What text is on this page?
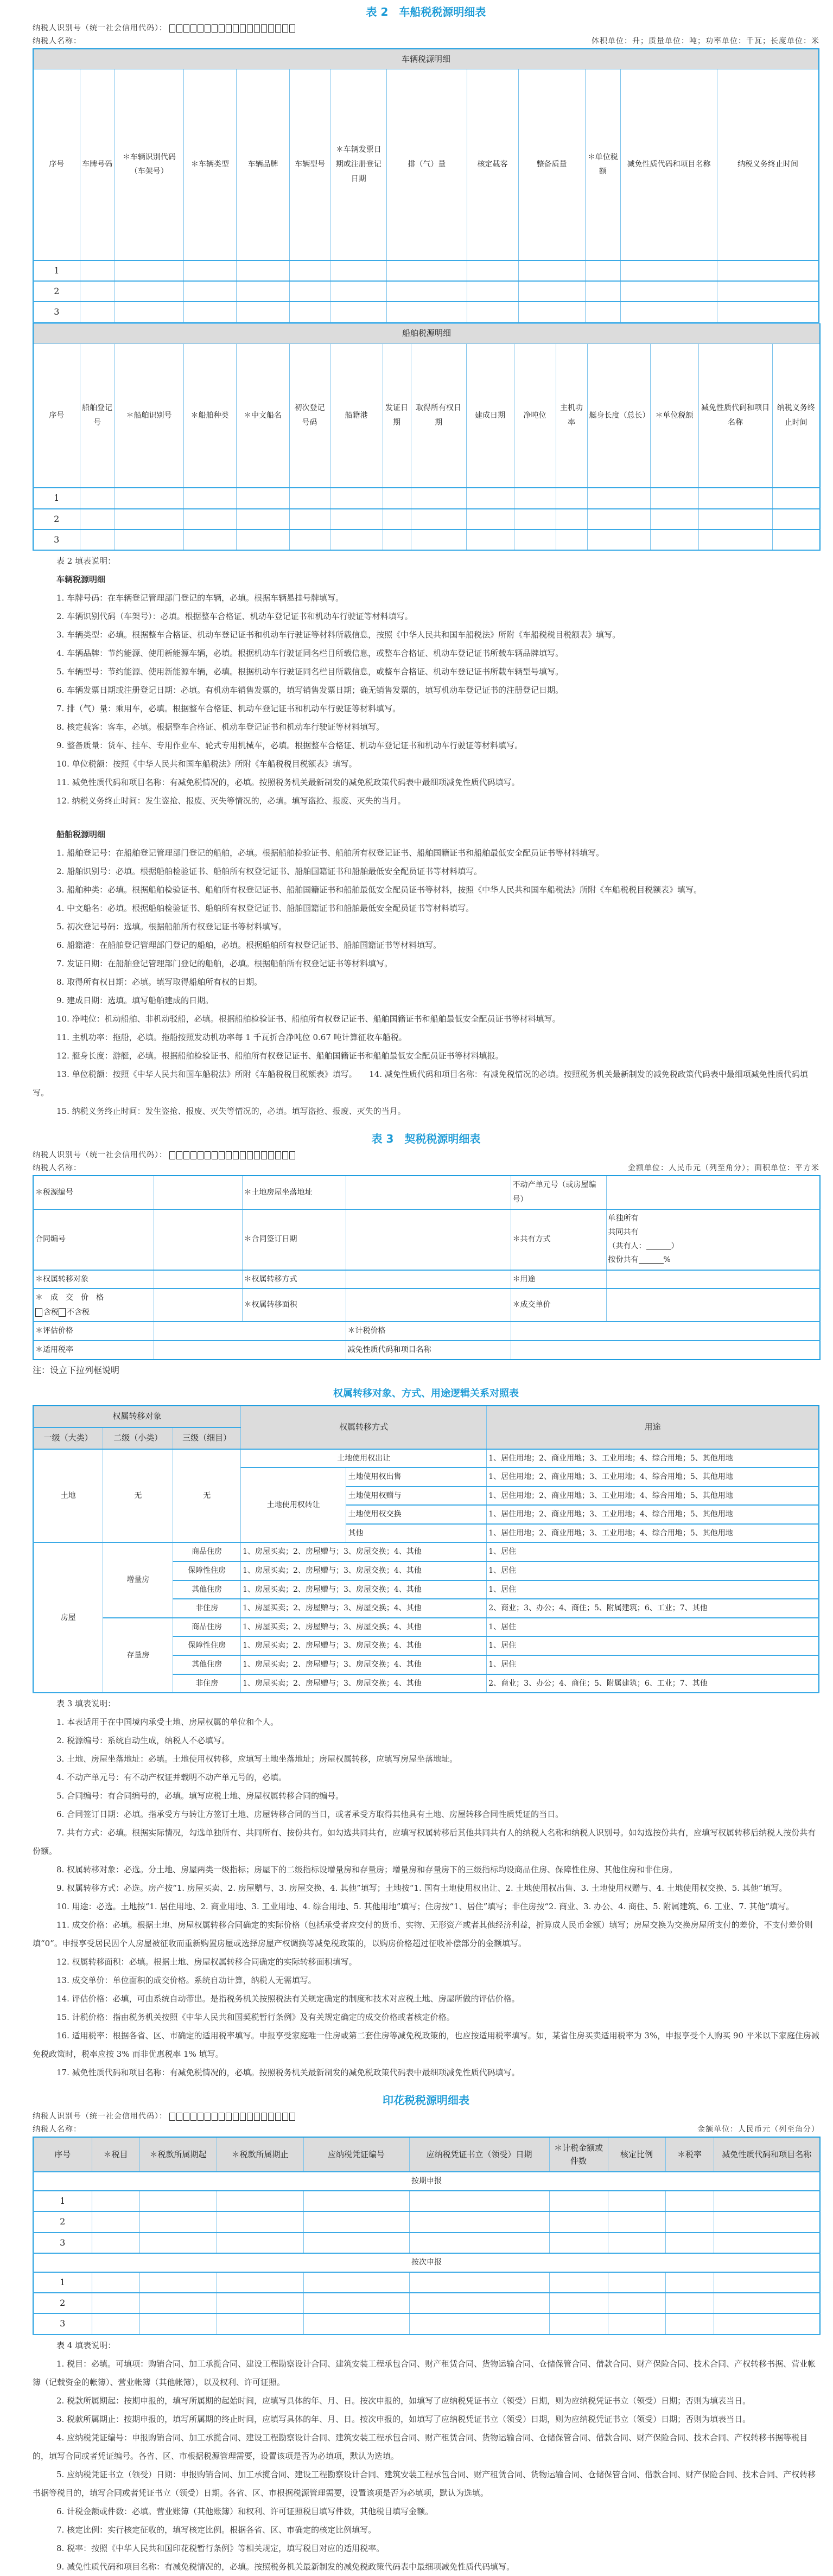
表 2　车船税税源明细表
纳税人识别号（统一社会信用代码）：
纳税人名称：	体积单位：升；质量单位：吨；功率单位：千瓦；长度单位：米
车辆税源明细												
序号	车牌号码	＊车辆识别代码（车架号）	＊车辆类型	车辆品牌	车辆型号	＊车辆发票日期或注册登记日期	排（气）量	核定载客	整备质量	＊单位税额	减免性质代码和项目名称	纳税义务终止时间
1												
2												
3												
船舶税源明细															
序号	船舶登记号	＊船舶识别号	＊船舶种类	＊中文船名	初次登记号码	船籍港	发证日期	取得所有权日期	建成日期	净吨位	主机功率	艇身长度（总长）	＊单位税额	减免性质代码和项目名称	纳税义务终止时间
1															
2															
3															

表 2 填表说明：

车辆税源明细

1. 车牌号码：在车辆登记管理部门登记的车辆，必填。根据车辆悬挂号牌填写。

2. 车辆识别代码（车架号）：必填。根据整车合格证、机动车登记证书和机动车行驶证等材料填写。

3. 车辆类型：必填。根据整车合格证、机动车登记证书和机动车行驶证等材料所载信息，按照《中华人民共和国车船税法》所附《车船税税目税额表》填写。

4. 车辆品牌：节约能源、使用新能源车辆，必填。根据机动车行驶证同名栏目所载信息，或整车合格证、机动车登记证书所载车辆品牌填写。

5. 车辆型号：节约能源、使用新能源车辆，必填。根据机动车行驶证同名栏目所载信息，或整车合格证、机动车登记证书所载车辆型号填写。

6. 车辆发票日期或注册登记日期：必填。有机动车销售发票的，填写销售发票日期；确无销售发票的，填写机动车登记证书的注册登记日期。

7. 排（气）量：乘用车，必填。根据整车合格证、机动车登记证书和机动车行驶证等材料填写。

8. 核定载客：客车，必填。根据整车合格证、机动车登记证书和机动车行驶证等材料填写。

9. 整备质量：货车、挂车、专用作业车、轮式专用机械车，必填。根据整车合格证、机动车登记证书和机动车行驶证等材料填写。

10. 单位税额：按照《中华人民共和国车船税法》所附《车船税税目税额表》填写。

11. 减免性质代码和项目名称：有减免税情况的，必填。按照税务机关最新制发的减免税政策代码表中最细项减免性质代码填写。

12. 纳税义务终止时间：发生盗抢、报废、灭失等情况的，必填。填写盗抢、报废、灭失的当月。

船舶税源明细

1. 船舶登记号：在船舶登记管理部门登记的船舶，必填。根据船舶检验证书、船舶所有权登记证书、船舶国籍证书和船舶最低安全配员证书等材料填写。

2. 船舶识别号：必填。根据船舶检验证书、船舶所有权登记证书、船舶国籍证书和船舶最低安全配员证书等材料填写。

3. 船舶种类：必填。根据船舶检验证书、船舶所有权登记证书、船舶国籍证书和船舶最低安全配员证书等材料，按照《中华人民共和国车船税法》所附《车船税税目税额表》填写。

4. 中文船名：必填。根据船舶检验证书、船舶所有权登记证书、船舶国籍证书和船舶最低安全配员证书等材料填写。

5. 初次登记号码：选填。根据船舶所有权登记证书等材料填写。

6. 船籍港：在船舶登记管理部门登记的船舶，必填。根据船舶所有权登记证书、船舶国籍证书等材料填写。

7. 发证日期：在船舶登记管理部门登记的船舶，必填。根据船舶所有权登记证书等材料填写。

8. 取得所有权日期：必填。填写取得船舶所有权的日期。

9. 建成日期：选填。填写船舶建成的日期。

10. 净吨位：机动船舶、非机动驳船，必填。根据船舶检验证书、船舶所有权登记证书、船舶国籍证书和船舶最低安全配员证书等材料填写。

11. 主机功率：拖船，必填。拖船按照发动机功率每 1 千瓦折合净吨位 0.67 吨计算征收车船税。

12. 艇身长度：游艇，必填。根据船舶检验证书、船舶所有权登记证书、船舶国籍证书和船舶最低安全配员证书等材料填报。

13. 单位税额：按照《中华人民共和国车船税法》所附《车船税税目税额表》填写。　　14. 减免性质代码和项目名称：有减免税情况的必填。按照税务机关最新制发的减免税政策代码表中最细项减免性质代码填写。

15. 纳税义务终止时间：发生盗抢、报废、灭失等情况的，必填。填写盗抢、报废、灭失的当月。

表 3　契税税源明细表
纳税人识别号（统一社会信用代码）：
纳税人名称：	金额单位：人民币元（列至角分）；面积单位：平方米
＊税源编号		＊土地房屋坐落地址		不动产单元号（或房屋编号）	
合同编号		＊合同签订日期		＊共有方式	单独所有
共同共有
（共有人： ）
按份共有 %

＊权属转移对象		＊权属转移方式		＊用途	

＊　成　交　价　格
含税 不含税		＊权属转移面积		＊成交单价	
＊评估价格			＊计税价格		
＊适用税率			减免性质代码和项目名称		
注：设立下拉列框说明
权属转移对象、方式、用途逻辑关系对照表
权属转移对象			权属转移方式		用途
一级（大类）	二级（小类）	三级（细目）			
土地	无	无	土地使用权出让		1、居住用地；2、商业用地；3、工业用地；4、综合用地；5、其他用地
			土地使用权转让	土地使用权出售	1、居住用地；2、商业用地；3、工业用地；4、综合用地；5、其他用地
				土地使用权赠与	1、居住用地；2、商业用地；3、工业用地；4、综合用地；5、其他用地
				土地使用权交换	1、居住用地；2、商业用地；3、工业用地；4、综合用地；5、其他用地
				其他	1、居住用地；2、商业用地；3、工业用地；4、综合用地；5、其他用地
房屋	增量房	商品住房	1、房屋买卖；2、房屋赠与；3、房屋交换；4、其他		1、居住
		保障性住房	1、房屋买卖；2、房屋赠与；3、房屋交换；4、其他		1、居住
		其他住房	1、房屋买卖；2、房屋赠与；3、房屋交换；4、其他		1、居住
		非住房	1、房屋买卖；2、房屋赠与；3、房屋交换；4、其他		2、商业；3、办公；4、商住；5、附属建筑；6、工业；7、其他
	存量房	商品住房	1、房屋买卖；2、房屋赠与；3、房屋交换；4、其他		1、居住
		保障性住房	1、房屋买卖；2、房屋赠与；3、房屋交换；4、其他		1、居住
		其他住房	1、房屋买卖；2、房屋赠与；3、房屋交换；4、其他		1、居住
		非住房	1、房屋买卖；2、房屋赠与；3、房屋交换；4、其他		2、商业；3、办公；4、商住；5、附属建筑；6、工业；7、其他

表 3 填表说明：

1. 本表适用于在中国境内承受土地、房屋权属的单位和个人。

2. 税源编号：系统自动生成，纳税人不必填写。

3. 土地、房屋坐落地址：必填。土地使用权转移，应填写土地坐落地址；房屋权属转移，应填写房屋坐落地址。

4. 不动产单元号：有不动产权证并载明不动产单元号的，必填。

5. 合同编号：有合同编号的，必填。填写应税土地、房屋权属转移合同的编号。

6. 合同签订日期：必填。指承受方与转让方签订土地、房屋转移合同的当日，或者承受方取得其他具有土地、房屋转移合同性质凭证的当日。

7. 共有方式：必填。根据实际情况，勾选单独所有、共同所有、按份共有。如勾选共同共有，应填写权属转移后其他共同共有人的纳税人名称和纳税人识别号。如勾选按份共有，应填写权属转移后纳税人按份共有份额。

8. 权属转移对象：必选。分土地、房屋两类一级指标；房屋下的二级指标设增量房和存量房；增量房和存量房下的三级指标均设商品住房、保障性住房、其他住房和非住房。

9. 权属转移方式：必选。房产按“1. 房屋买卖、2. 房屋赠与、3. 房屋交换、4. 其他”填写；土地按“1. 国有土地使用权出让、2. 土地使用权出售、3. 土地使用权赠与、4. 土地使用权交换、5. 其他”填写。

10. 用途：必选。土地按“1. 居住用地、2. 商业用地、3. 工业用地、4. 综合用地、5. 其他用地”填写；住房按“1、居住”填写；非住房按“2. 商业、3. 办公、4. 商住、5. 附属建筑、6. 工业、7. 其他”填写。

11. 成交价格：必填。根据土地、房屋权属转移合同确定的实际价格（包括承受者应交付的货币、实物、无形资产或者其他经济利益，折算成人民币金额）填写；房屋交换为交换房屋所支付的差价，不支付差价则填“0”。申报享受居民因个人房屋被征收而重新购置房屋或选择房屋产权调换等减免税政策的，以购房价格超过征收补偿部分的金额填写。

12. 权属转移面积：必填。根据土地、房屋权属转移合同确定的实际转移面积填写。

13. 成交单价：单位面积的成交价格。系统自动计算，纳税人无需填写。

14. 评估价格：必填，可由系统自动带出。是指税务机关按照税法有关规定确定的制度和技术对应税土地、房屋所做的评估价格。

15. 计税价格：指由税务机关按照《中华人民共和国契税暂行条例》及有关规定确定的成交价格或者核定价格。

16. 适用税率：根据各省、区、市确定的适用税率填写。申报享受家庭唯一住房或第二套住房等减免税政策的，也应按适用税率填写。如，某省住房买卖适用税率为 3%，申报享受个人购买 90 平米以下家庭住房减免税政策时，税率应按 3% 而非优惠税率 1% 填写。

17. 减免性质代码和项目名称：有减免税情况的，必填。按照税务机关最新制发的减免税政策代码表中最细项减免性质代码填写。

印花税税源明细表
纳税人识别号（统一社会信用代码）：
纳税人名称：	金额单位：人民币元（列至角分）
序号	＊税目	＊税款所属期起	＊税款所属期止	应纳税凭证编号	应纳税凭证书立（领受）日期	＊计税金额或件数	核定比例	＊税率	减免性质代码和项目名称
按期申报									
1									
2									
3									
按次申报									
1									
2									
3									

表 4 填表说明：

1. 税目：必填。可填项：购销合同、加工承揽合同、建设工程勘察设计合同、建筑安装工程承包合同、财产租赁合同、货物运输合同、仓储保管合同、借款合同、财产保险合同、技术合同、产权转移书据、营业帐簿（记载资金的帐簿）、营业帐簿（其他帐簿），以及权利、许可证照。

2. 税款所属期起：按期申报的，填写所属期的起始时间，应填写具体的年、月、日。按次申报的，如填写了应纳税凭证书立（领受）日期，则为应纳税凭证书立（领受）日期；否则为填表当日。

3. 税款所属期止：按期申报的，填写所属期的终止时间，应填写具体的年、月、日。按次申报的，如填写了应纳税凭证书立（领受）日期，则为应纳税凭证书立（领受）日期；否则为填表当日。

4. 应纳税凭证编号：申报购销合同、加工承揽合同、建设工程勘察设计合同、建筑安装工程承包合同、财产租赁合同、货物运输合同、仓储保管合同、借款合同、财产保险合同、技术合同、产权转移书据等税目的，填写合同或者凭证编号。各省、区、市根据税源管理需要，设置该项是否为必填项，默认为选填。

5. 应纳税凭证书立（领受）日期：申报购销合同、加工承揽合同、建设工程勘察设计合同、建筑安装工程承包合同、财产租赁合同、货物运输合同、仓储保管合同、借款合同、财产保险合同、技术合同、产权转移书据等税目的，填写合同或者凭证书立（领受）日期。各省、区、市根据税源管理需要，设置该项是否为必填项，默认为选填。

6. 计税金额或件数：必填。营业账簿（其他账簿）和权利、许可证照税目填写件数，其他税目填写金额。

7. 核定比例：实行核定征收的，填写核定比例。根据各省、区、市确定的核定比例填写。

8. 税率：按照《中华人民共和国印花税暂行条例》等相关规定，填写税目对应的适用税率。

9. 减免性质代码和项目名称：有减免税情况的，必填。按照税务机关最新制发的减免税政策代码表中最细项减免性质代码填写。
